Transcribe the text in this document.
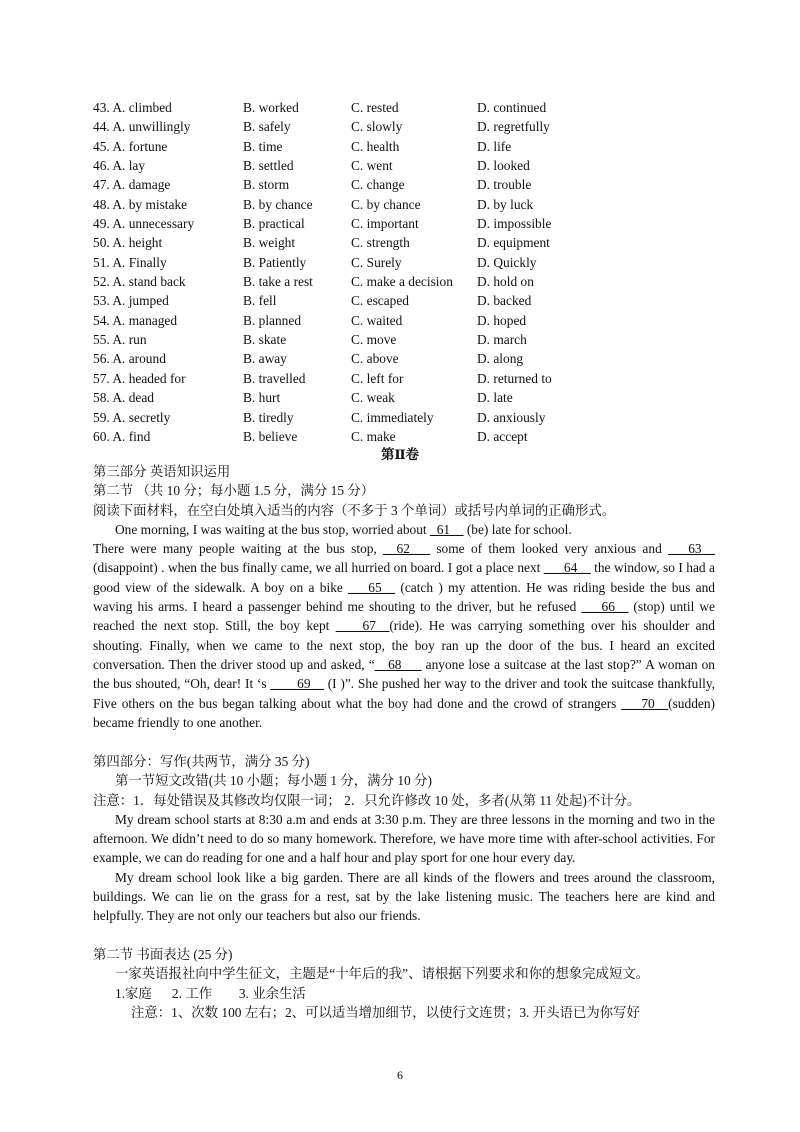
43. A. climbed	B. worked	C. rested	D. continued
44. A. unwillingly	B. safely	C. slowly	D. regretfully
45. A. fortune	B. time	C. health	D. life
46. A. lay	B. settled	C. went	D. looked
47. A. damage	B. storm	C. change	D. trouble
48. A. by mistake	B. by chance	C. by chance	D. by luck
49. A. unnecessary	B. practical	C. important	D. impossible
50. A. height	B. weight	C. strength	D. equipment
51. A. Finally	B. Patiently	C. Surely	D. Quickly
52. A. stand back	B. take a rest	C. make a decision D. hold on
53. A. jumped	B. fell	C. escaped	D. backed
54. A. managed	B. planned	C. waited	D. hoped
55. A. run	B. skate	C. move	D. march
56. A. around	B. away	C. above	D. along
57. A. headed for	B. travelled	C. left for	D. returned to
58. A. dead	B. hurt	C. weak	D. late
59. A. secretly	B. tiredly	C. immediately	D. anxiously
60. A. find	B. believe	C. make	D. accept
第Ⅱ卷
第三部分 英语知识运用
第二节 （共 10 分；每小题 1.5 分，满分 15 分）
阅读下面材料，在空白处填入适当的内容（不多于 3 个单词）或括号内单词的正确形式。
One morning, I was waiting at the bus stop, worried about _61__ (be) late for school.
There were many people waiting at the bus stop, __62___ some of them looked very anxious and ___63__ (disappoint) . when the bus finally came, we all hurried on board. I got a place next ___64__ the window, so I had a good view of the sidewalk. A boy on a bike ___65__ (catch ) my attention. He was riding beside the bus and waving his arms. I heard a passenger behind me shouting to the driver, but he refused ___66__ (stop) until we reached the next stop. Still, the boy kept ____67__(ride). He was carrying something over his shoulder and shouting. Finally, when we came to the next stop, the boy ran up the door of the bus. I heard an excited conversation. Then the driver stood up and asked, “__68___ anyone lose a suitcase at the last stop?” A woman on the bus shouted, “Oh, dear! It ‘s ____69__ (I )”. She pushed her way to the driver and took the suitcase thankfully, Five others on the bus began talking about what the boy had done and the crowd of strangers ___70__(sudden) became friendly to one another.
第四部分：写作(共两节，满分 35 分)
第一节短文改错(共 10 小题；每小题 1 分，满分 10 分)
注意：1．每处错误及其修改均仅限一词； 2．只允许修改 10 处，多者(从第 11 处起)不计分。
My dream school starts at 8:30 a.m and ends at 3:30 p.m. They are three lessons in the morning and two in the afternoon. We didn’t need to do so many homework. Therefore, we have more time with after-school activities. For example, we can do reading for one and a half hour and play sport for one hour every day.
My dream school look like a big garden. There are all kinds of the flowers and trees around the classroom, buildings. We can lie on the grass for a rest, sat by the lake listening music. The teachers here are kind and helpfully. They are not only our teachers but also our friends.
第二节 书面表达 (25 分)
一家英语报社向中学生征文，主题是“十年后的我”、请根据下列要求和你的想象完成短文。
1.家庭      2. 工作        3. 业余生活
注意：1、次数 100 左右；2、可以适当增加细节，以使行文连贯；3. 开头语已为你写好
6
